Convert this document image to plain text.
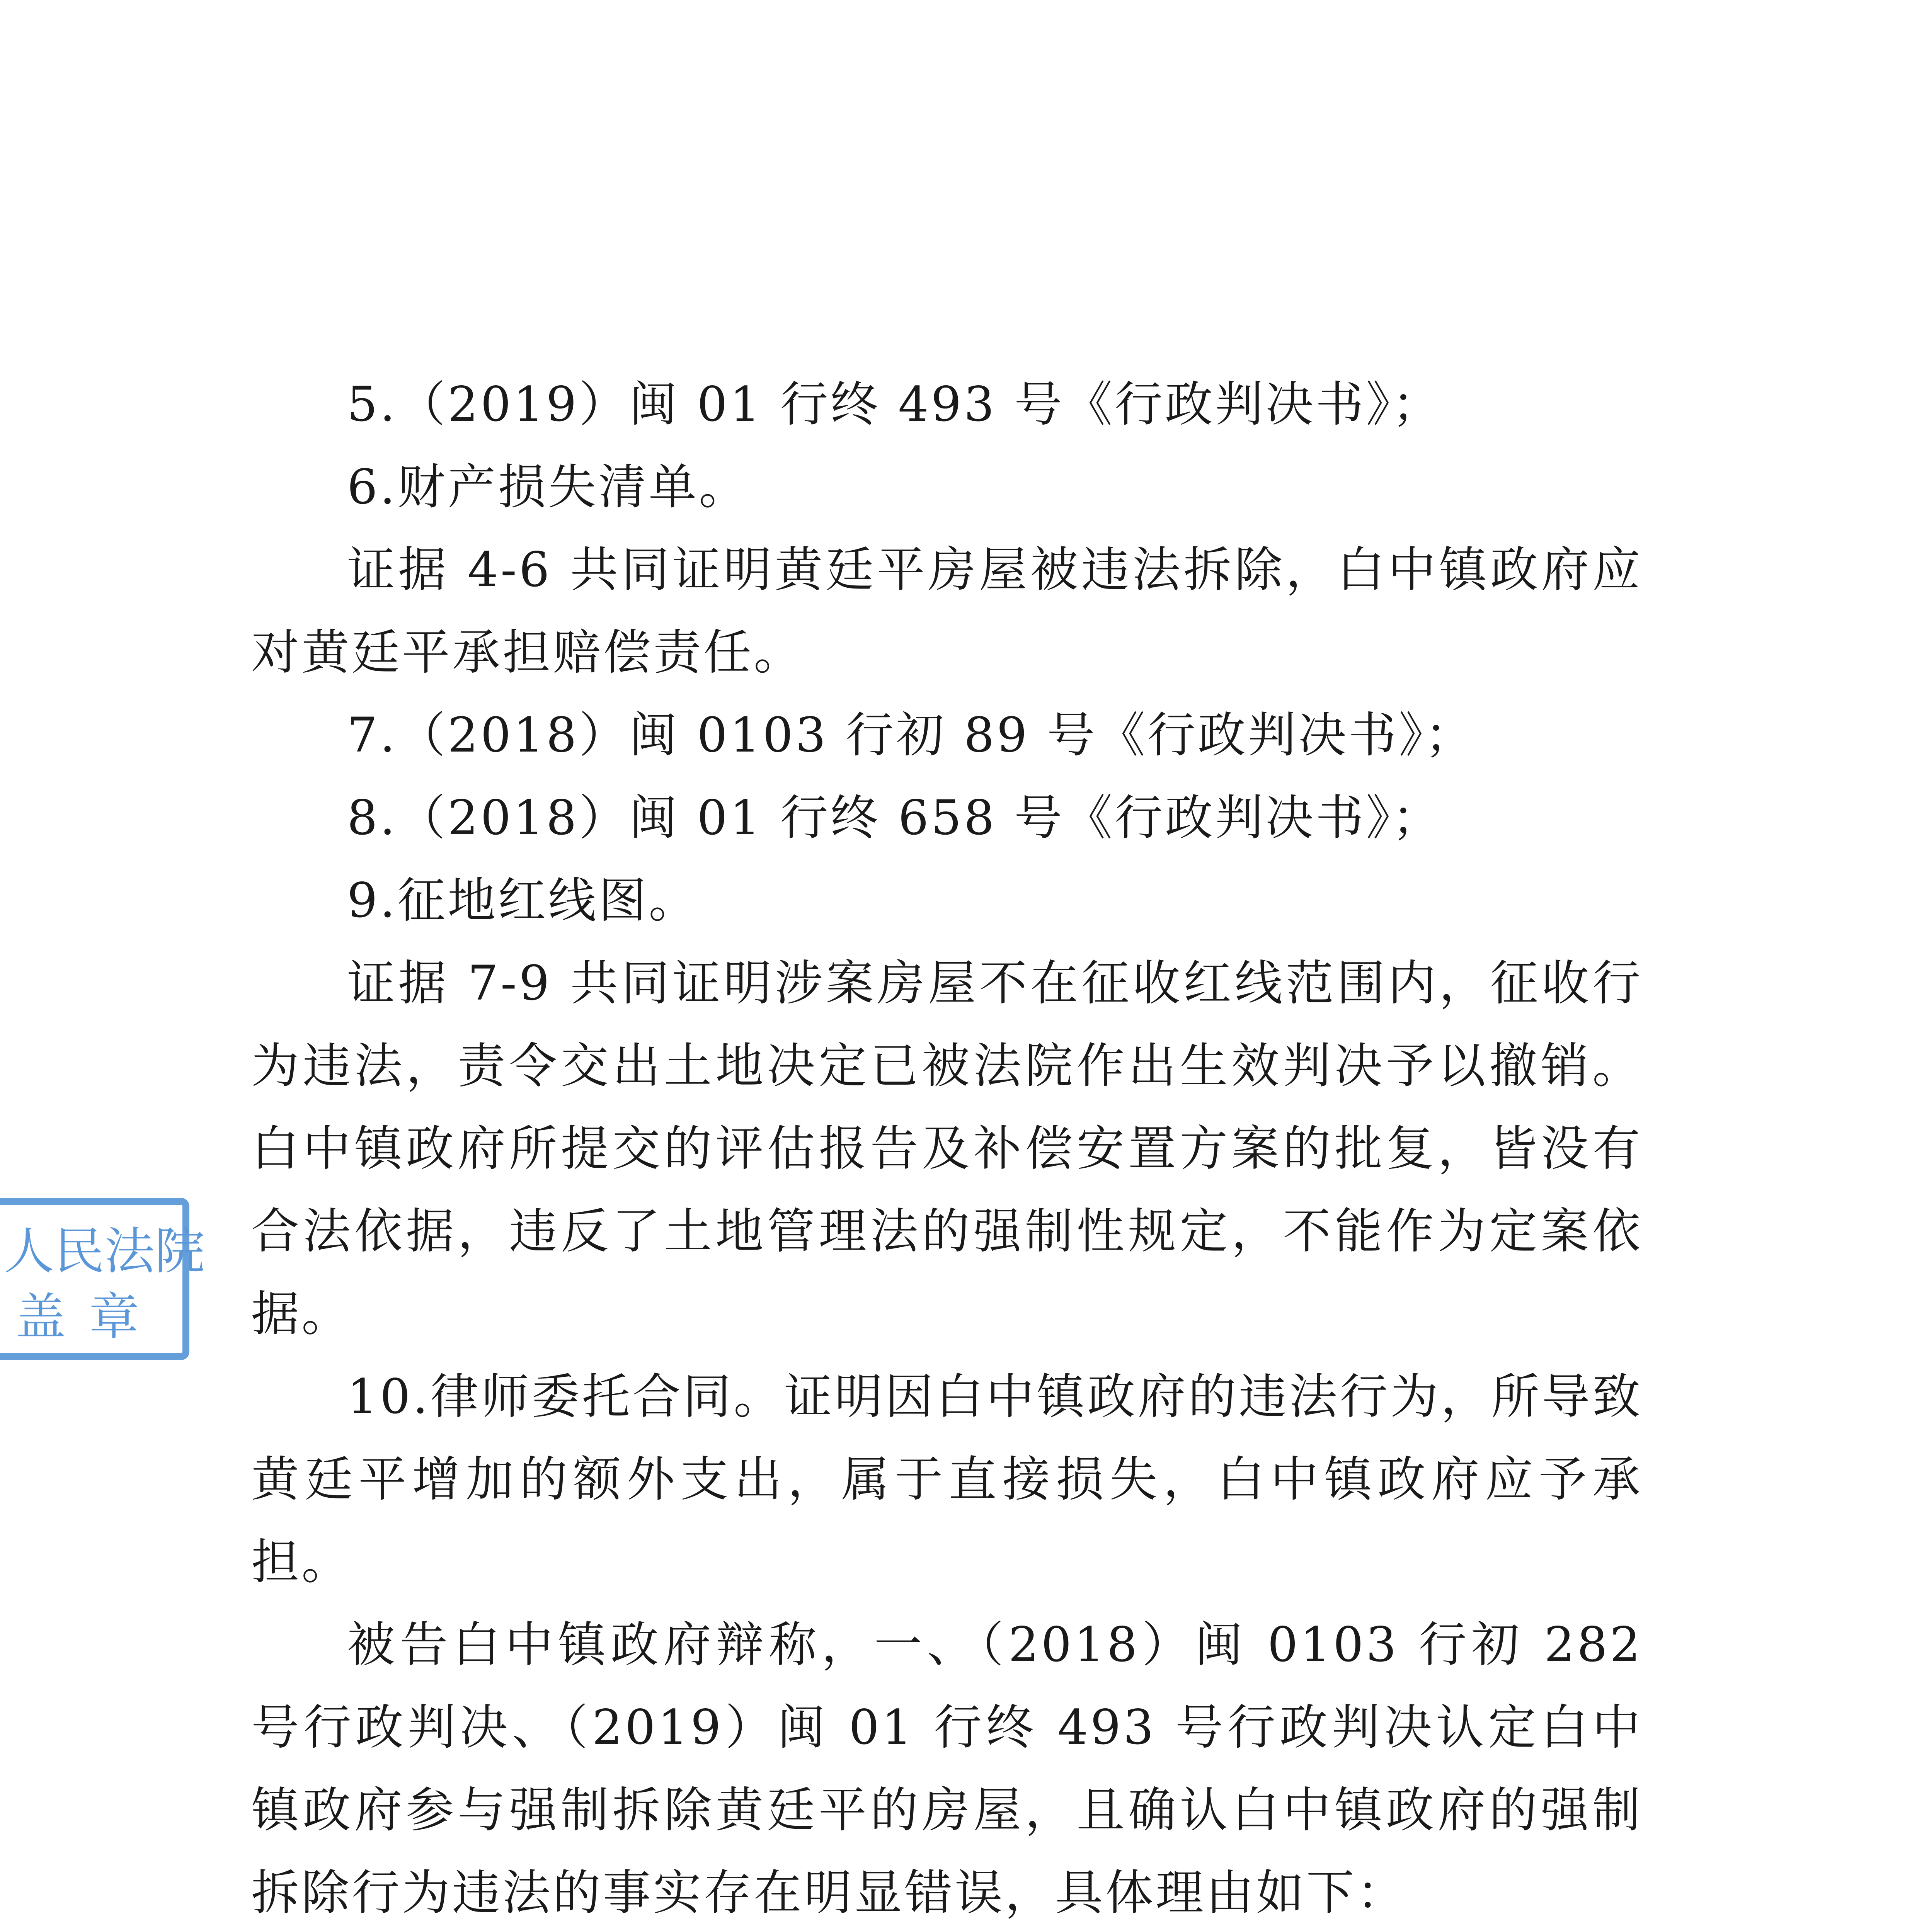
5.（2019）闽 01 行终 493 号《行政判决书》；

6.财产损失清单。

证据 4-6 共同证明黄廷平房屋被违法拆除，白中镇政府应对黄廷平承担赔偿责任。

7.（2018）闽 0103 行初 89 号《行政判决书》；

8.（2018）闽 01 行终 658 号《行政判决书》；

9.征地红线图。

证据 7-9 共同证明涉案房屋不在征收红线范围内，征收行为违法，责令交出土地决定已被法院作出生效判决予以撤销。白中镇政府所提交的评估报告及补偿安置方案的批复，皆没有合法依据，违反了土地管理法的强制性规定，不能作为定案依据。

10.律师委托合同。证明因白中镇政府的违法行为，所导致黄廷平增加的额外支出，属于直接损失，白中镇政府应予承担。

被告白中镇政府辩称，一、（2018）闽 0103 行初 282 号行政判决、（2019）闽 01 行终 493 号行政判决认定白中镇政府参与强制拆除黄廷平的房屋，且确认白中镇政府的强制拆除行为违法的事实存在明显错误，具体理由如下：

人民法院
盖章
